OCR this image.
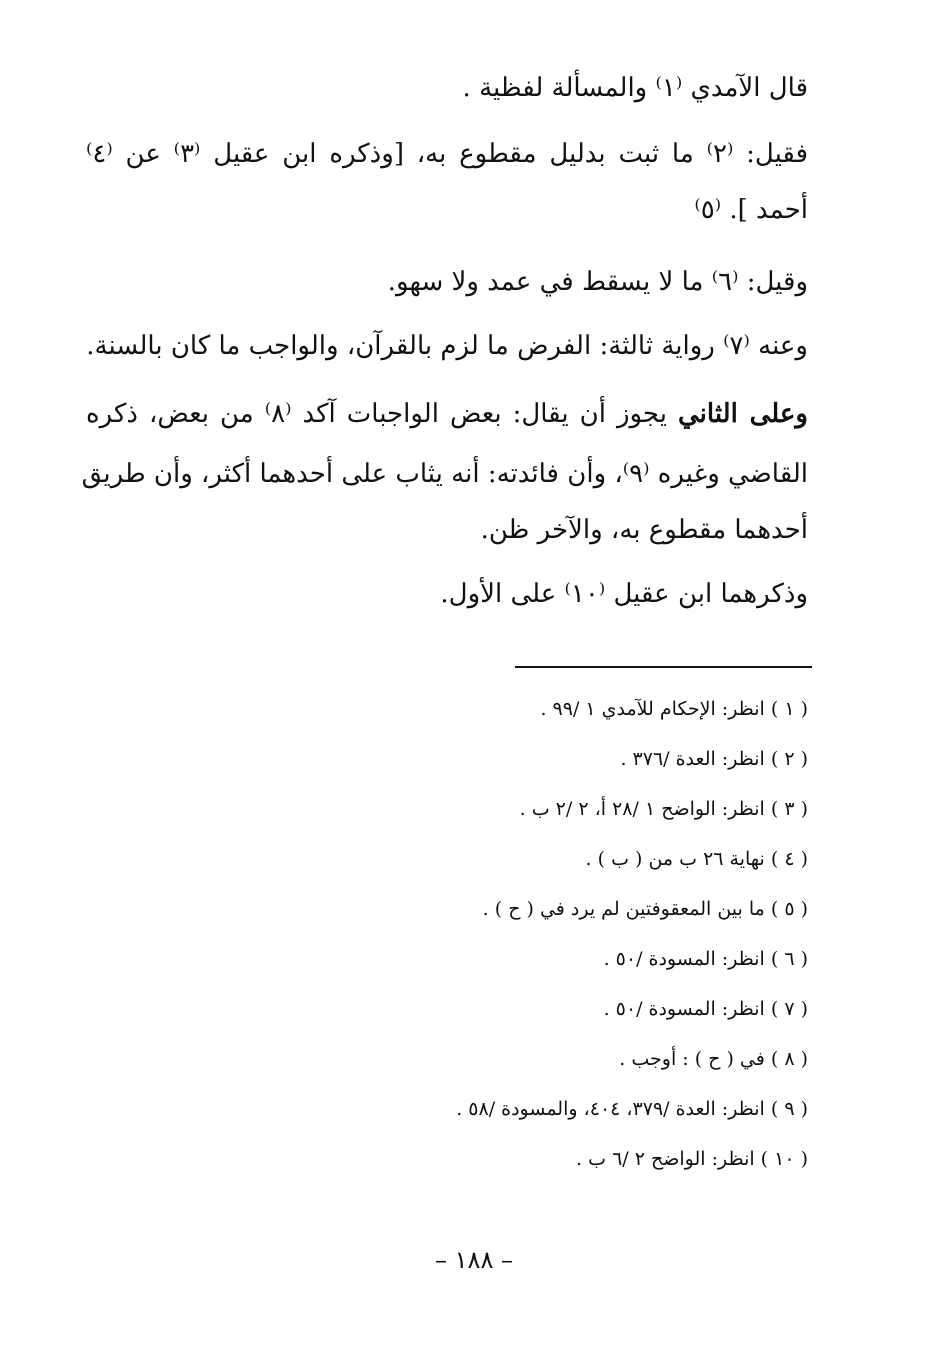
قال الآمدي ⁽١⁾ والمسألة لفظية .
فقيل: ⁽٢⁾ ما ثبت بدليل مقطوع به، [وذكره ابن عقيل ⁽٣⁾ عن ⁽٤⁾
أحمد ]. ⁽٥⁾
وقيل: ⁽٦⁾ ما لا يسقط في عمد ولا سهو.
وعنه ⁽٧⁾ رواية ثالثة: الفرض ما لزم بالقرآن، والواجب ما كان بالسنة.
وعلى الثاني يجوز أن يقال: بعض الواجبات آكد ⁽٨⁾ من بعض، ذكره
القاضي وغيره ⁽٩⁾، وأن فائدته: أنه يثاب على أحدهما أكثر، وأن طريق
أحدهما مقطوع به، والآخر ظن.
وذكرهما ابن عقيل ⁽١٠⁾ على الأول.
( ١ ) انظر: الإحكام للآمدي ١ /٩٩ .
( ٢ ) انظر: العدة /٣٧٦ .
( ٣ ) انظر: الواضح ١ /٢٨ أ، ٢ /٢ ب .
( ٤ ) نهاية ٢٦ ب من ( ب ) .
( ٥ ) ما بين المعقوفتين لم يرد في ( ح ) .
( ٦ ) انظر: المسودة /٥٠ .
( ٧ ) انظر: المسودة /٥٠ .
( ٨ ) في ( ح ) : أوجب .
( ٩ ) انظر: العدة /٣٧٩، ٤٠٤، والمسودة /٥٨ .
( ١٠ ) انظر: الواضح ٢ /٦ ب .
– ١٨٨ –
